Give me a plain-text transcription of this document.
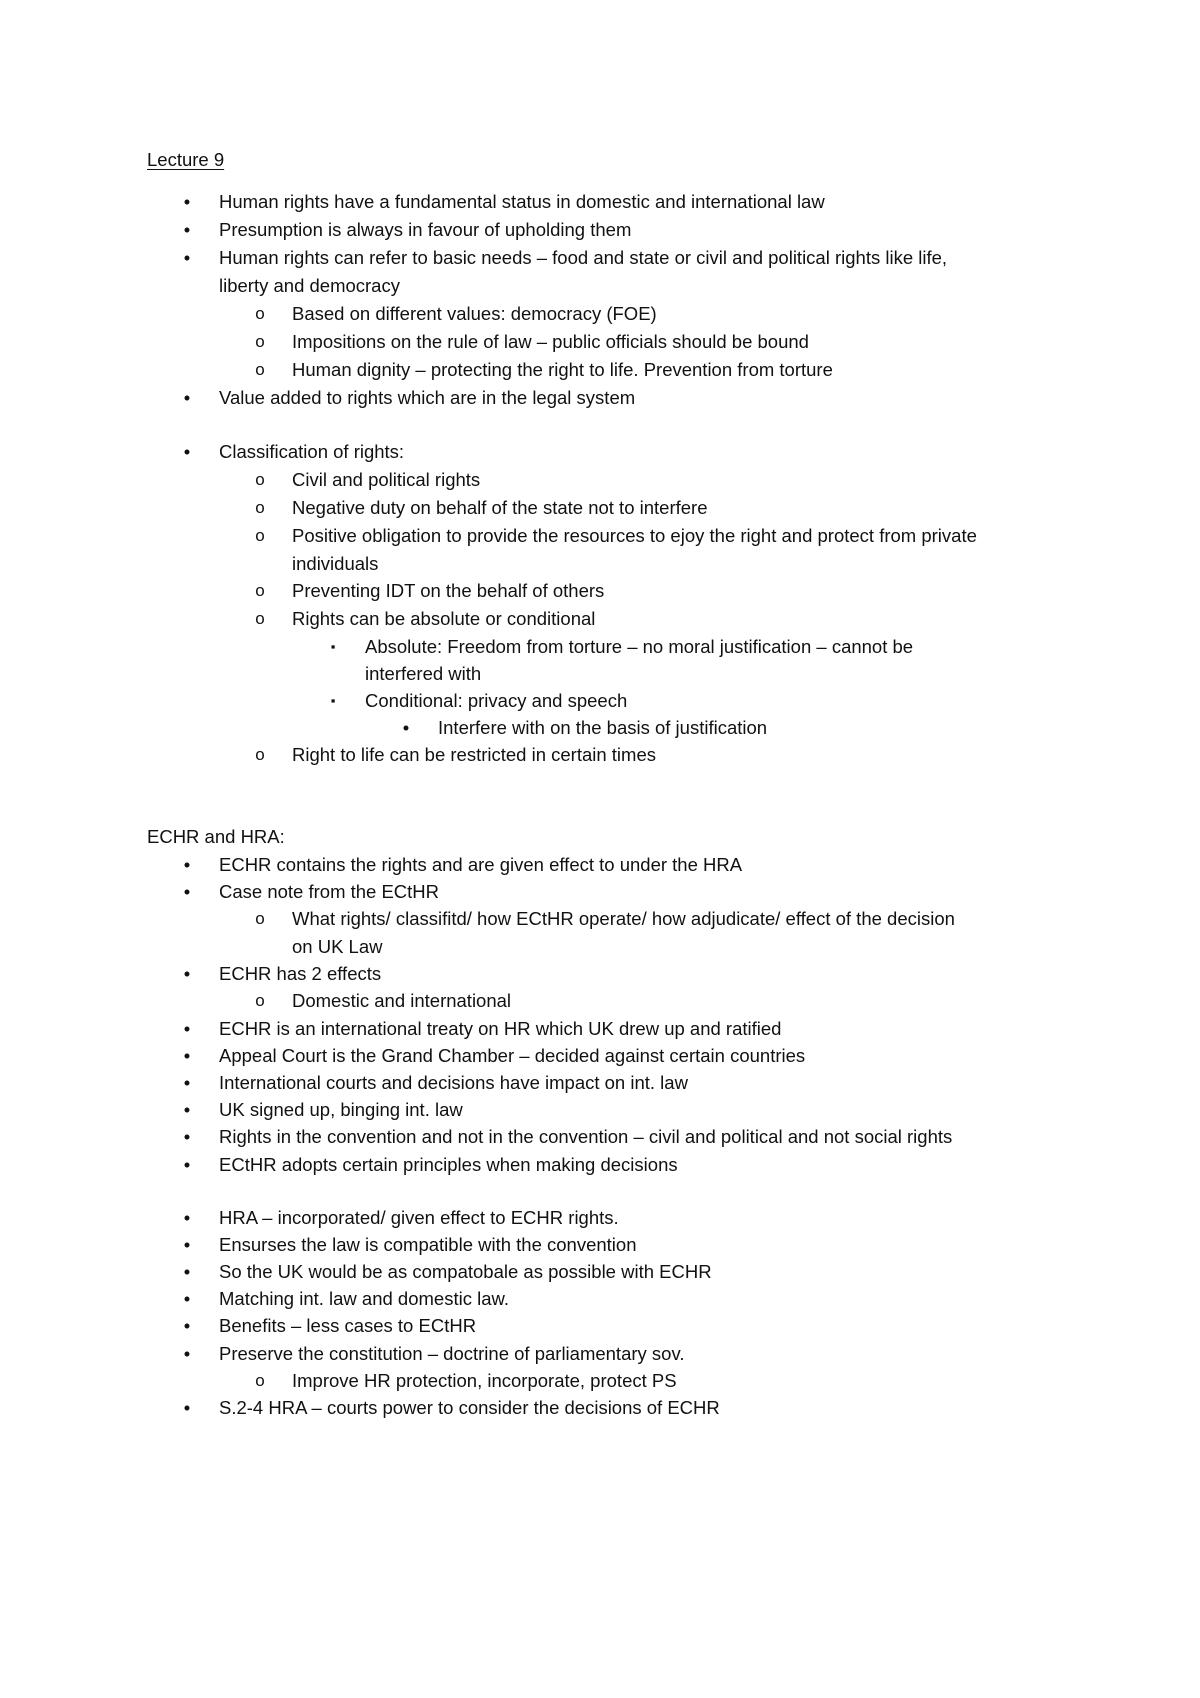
Lecture 9
•	Human rights have a fundamental status in domestic and international law
•	Presumption is always in favour of upholding them
•	Human rights can refer to basic needs – food and state or civil and political rights like life,
liberty and democracy
o Based on different values: democracy (FOE)
o Impositions on the rule of law – public officials should be bound
o Human dignity – protecting the right to life. Prevention from torture
•	Value added to rights which are in the legal system
•	Classification of rights:
o Civil and political rights
o Negative duty on behalf of the state not to interfere
o Positive obligation to provide the resources to ejoy the right and protect from private
individuals
o Preventing IDT on the behalf of others
o Rights can be absolute or conditional
▪	Absolute: Freedom from torture – no moral justification – cannot be
interfered with
▪	Conditional: privacy and speech
•	Interfere with on the basis of justification
o Right to life can be restricted in certain times
ECHR and HRA:
•	ECHR contains the rights and are given effect to under the HRA
•	Case note from the ECtHR
o What rights/ classifitd/ how ECtHR operate/ how adjudicate/ effect of the decision
on UK Law
•	ECHR has 2 effects
o Domestic and international
•	ECHR is an international treaty on HR which UK drew up and ratified
•	Appeal Court is the Grand Chamber – decided against certain countries
•	International courts and decisions have impact on int. law
•	UK signed up, binging int. law
•	Rights in the convention and not in the convention – civil and political and not social rights
•	ECtHR adopts certain principles when making decisions
•	HRA – incorporated/ given effect to ECHR rights.
•	Ensurses the law is compatible with the convention
•	So the UK would be as compatobale as possible with ECHR
•	Matching int. law and domestic law.
•	Benefits – less cases to ECtHR
•	Preserve the constitution – doctrine of parliamentary sov.
o Improve HR protection, incorporate, protect PS
•	S.2-4 HRA – courts power to consider the decisions of ECHR
